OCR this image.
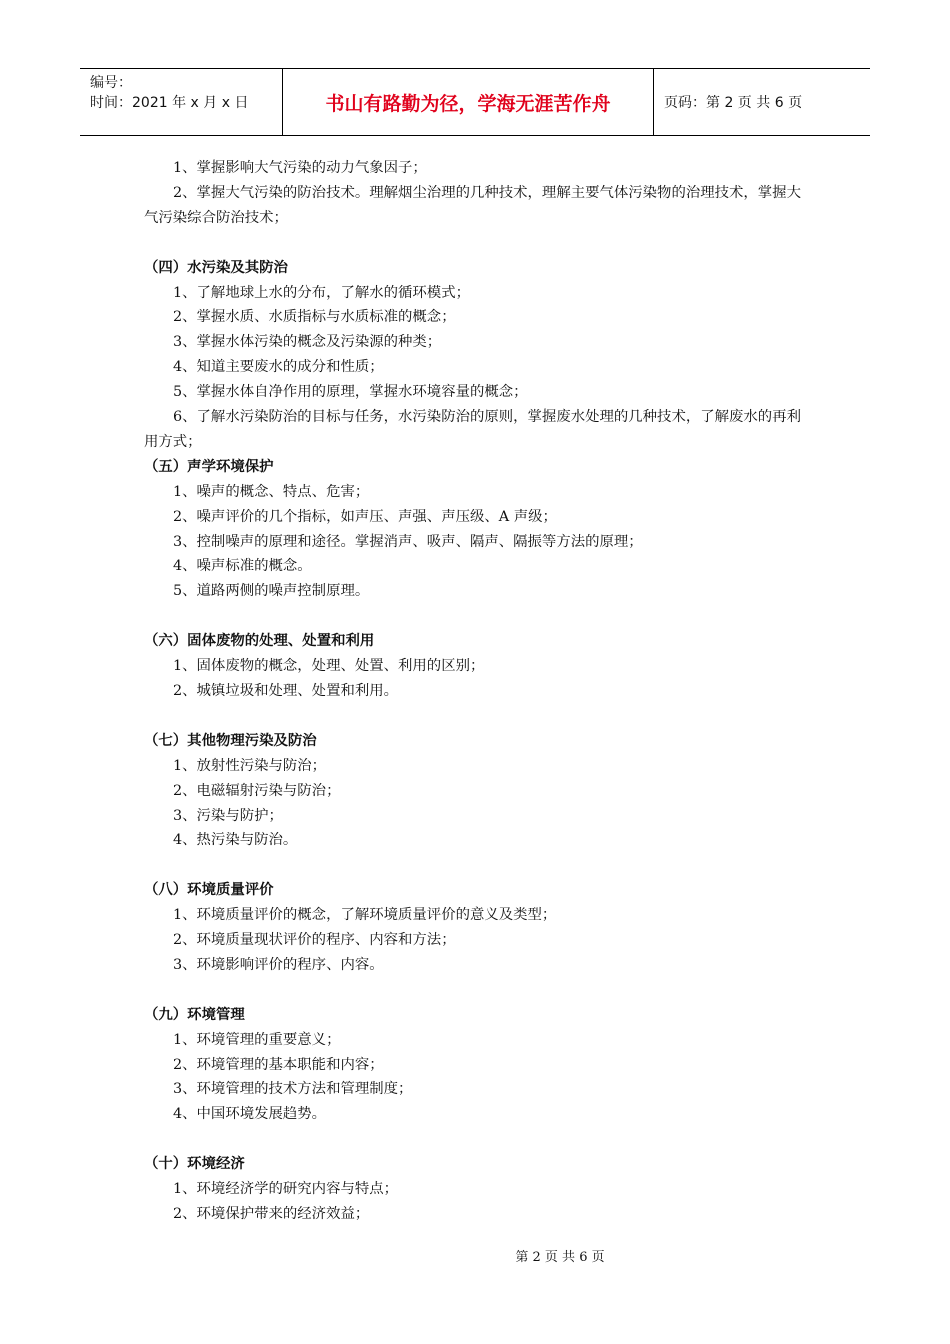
编号：
时间：2021 年 x 月 x 日	书山有路勤为径，学海无涯苦作舟	页码：第 2 页 共 6 页

1、掌握影响大气污染的动力气象因子；

2、掌握大气污染的防治技术。理解烟尘治理的几种技术，理解主要气体污染物的治理技术，掌握大气污染综合防治技术；

（四）水污染及其防治

1、了解地球上水的分布，了解水的循环模式；

2、掌握水质、水质指标与水质标准的概念；

3、掌握水体污染的概念及污染源的种类；

4、知道主要废水的成分和性质；

5、掌握水体自净作用的原理，掌握水环境容量的概念；

6、了解水污染防治的目标与任务，水污染防治的原则，掌握废水处理的几种技术，了解废水的再利用方式；

（五）声学环境保护

1、噪声的概念、特点、危害；

2、噪声评价的几个指标，如声压、声强、声压级、A 声级；

3、控制噪声的原理和途径。掌握消声、吸声、隔声、隔振等方法的原理；

4、噪声标准的概念。

5、道路两侧的噪声控制原理。

（六）固体废物的处理、处置和利用

1、固体废物的概念，处理、处置、利用的区别；

2、城镇垃圾和处理、处置和利用。

（七）其他物理污染及防治

1、放射性污染与防治；

2、电磁辐射污染与防治；

3、污染与防护；

4、热污染与防治。

（八）环境质量评价

1、环境质量评价的概念，了解环境质量评价的意义及类型；

2、环境质量现状评价的程序、内容和方法；

3、环境影响评价的程序、内容。

（九）环境管理

1、环境管理的重要意义；

2、环境管理的基本职能和内容；

3、环境管理的技术方法和管理制度；

4、中国环境发展趋势。

（十）环境经济

1、环境经济学的研究内容与特点；

2、环境保护带来的经济效益；

第 2 页 共 6 页
